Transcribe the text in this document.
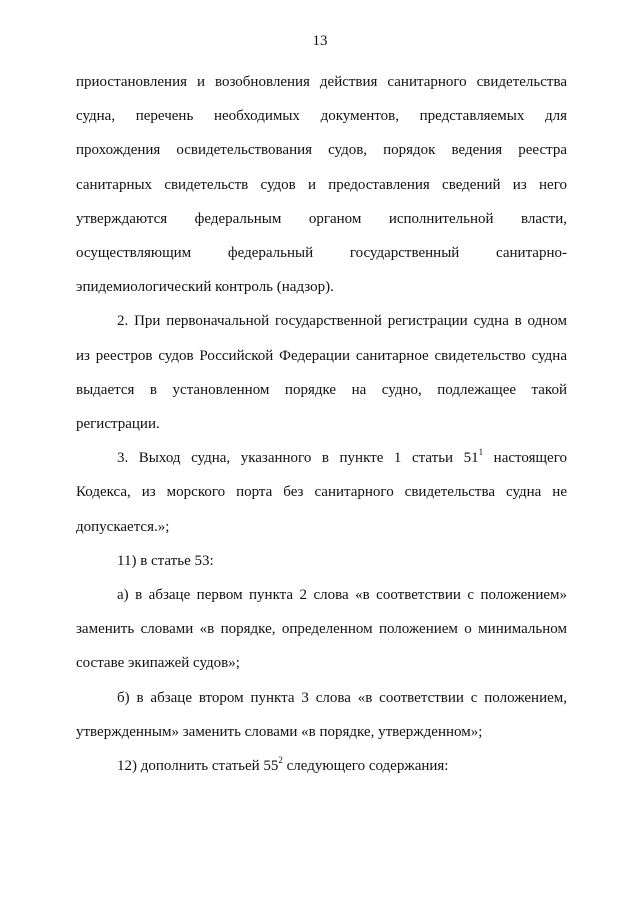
13
приостановления и возобновления действия санитарного свидетельства
судна, перечень необходимых документов, представляемых для
прохождения освидетельствования судов, порядок ведения реестра
санитарных свидетельств судов и предоставления сведений из него
утверждаются федеральным органом исполнительной власти,
осуществляющим федеральный государственный санитарно-
эпидемиологический контроль (надзор).
2. При первоначальной государственной регистрации судна в одном
из реестров судов Российской Федерации санитарное свидетельство судна
выдается в установленном порядке на судно, подлежащее такой
регистрации.
3. Выход судна, указанного в пункте 1 статьи $51^1$ настоящего
Кодекса, из морского порта без санитарного свидетельства судна не
допускается.»;
11) в статье 53:
а) в абзаце первом пункта 2 слова «в соответствии с положением»
заменить словами «в порядке, определенном положением о минимальном
составе экипажей судов»;
б) в абзаце втором пункта 3 слова «в соответствии с положением,
утвержденным» заменить словами «в порядке, утвержденном»;
12) дополнить статьей $55^2$ следующего содержания:
